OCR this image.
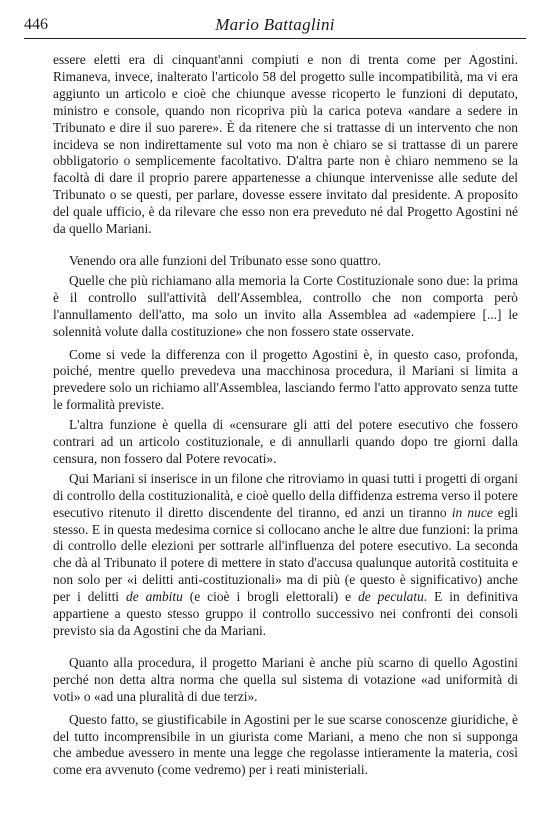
446	Mario Battaglini

essere eletti era di cinquant'anni compiuti e non di trenta come per Agostini. Rimaneva, invece, inalterato l'articolo 58 del progetto sulle incompatibilità, ma vi era aggiunto un articolo e cioè che chiunque avesse ricoperto le funzioni di deputato, ministro e console, quando non ricopriva più la carica poteva «andare a sedere in Tribunato e dire il suo parere». È da ritenere che si trattasse di un intervento che non incideva se non indirettamente sul voto ma non è chiaro se si trattasse di un parere obbligatorio o semplicemente facoltativo. D'altra parte non è chiaro nemmeno se la facoltà di dare il proprio parere appartenesse a chiunque intervenisse alle sedute del Tribunato o se questi, per parlare, dovesse essere invitato dal presidente. A proposito del quale ufficio, è da rilevare che esso non era preveduto né dal Progetto Agostini né da quello Mariani.

Venendo ora alle funzioni del Tribunato esse sono quattro.

Quelle che più richiamano alla memoria la Corte Costituzionale sono due: la prima è il controllo sull'attività dell'Assemblea, controllo che non comporta però l'annullamento dell'atto, ma solo un invito alla Assemblea ad «adempiere [...] le solennità volute dalla costituzione» che non fossero state osservate.

Come si vede la differenza con il progetto Agostini è, in questo caso, profonda, poiché, mentre quello prevedeva una macchinosa procedura, il Mariani si limita a prevedere solo un richiamo all'Assemblea, lasciando fermo l'atto approvato senza tutte le formalità previste.

L'altra funzione è quella di «censurare gli atti del potere esecutivo che fossero contrari ad un articolo costituzionale, e di annullarli quando dopo tre giorni dalla censura, non fossero dal Potere revocati».

Qui Mariani si inserisce in un filone che ritroviamo in quasi tutti i progetti di organi di controllo della costituzionalità, e cioè quello della diffidenza estrema verso il potere esecutivo ritenuto il diretto discendente del tiranno, ed anzi un tiranno in nuce egli stesso. E in questa medesima cornice si collocano anche le altre due funzioni: la prima di controllo delle elezioni per sottrarle all'influenza del potere esecutivo. La seconda che dà al Tribunato il potere di mettere in stato d'accusa qualunque autorità costituita e non solo per «i delitti anti-costituzionali» ma di più (e questo è significativo) anche per i delitti de ambitu (e cioè i brogli elettorali) e de peculatu. E in definitiva appartiene a questo stesso gruppo il controllo successivo nei confronti dei consoli previsto sia da Agostini che da Mariani.

Quanto alla procedura, il progetto Mariani è anche più scarno di quello Agostini perché non detta altra norma che quella sul sistema di votazione «ad uniformità di voti» o «ad una pluralità di due terzi».

Questo fatto, se giustificabile in Agostini per le sue scarse conoscenze giuridiche, è del tutto incomprensibile in un giurista come Mariani, a meno che non si supponga che ambedue avessero in mente una legge che regolasse intieramente la materia, così come era avvenuto (come vedremo) per i reati ministeriali.
